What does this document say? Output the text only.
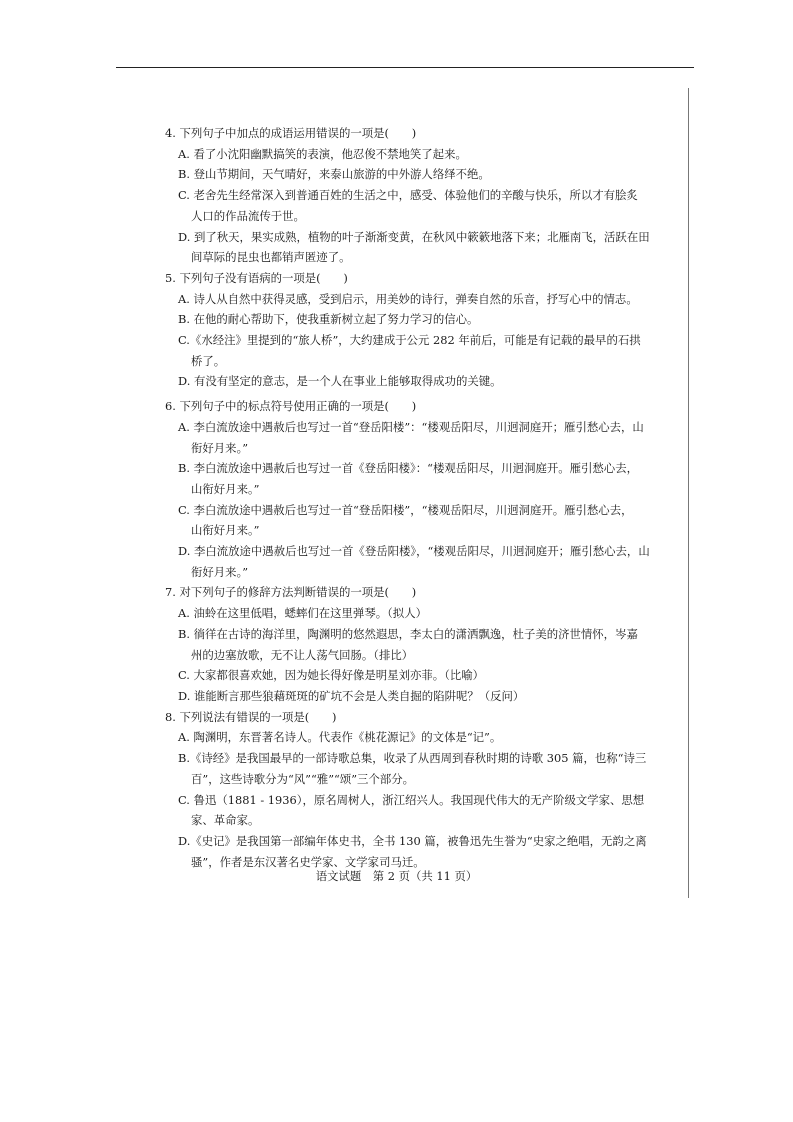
4. 下列句子中加点的成语运用错误的一项是(　　)

A. 看了小沈阳幽默搞笑的表演，他忍俊不禁地笑了起来。
B. 登山节期间，天气晴好，来泰山旅游的中外游人络绎不绝。
C. 老舍先生经常深入到普通百姓的生活之中，感受、体验他们的辛酸与快乐，所以才有脍炙
人口的作品流传于世。
D. 到了秋天，果实成熟，植物的叶子渐渐变黄，在秋风中簌簌地落下来；北雁南飞，活跃在田
间草际的昆虫也都销声匿迹了。

5. 下列句子没有语病的一项是(　　)

A. 诗人从自然中获得灵感，受到启示，用美妙的诗行，弹奏自然的乐音，抒写心中的情志。
B. 在他的耐心帮助下，使我重新树立起了努力学习的信心。
C.《水经注》里提到的“旅人桥”，大约建成于公元 282 年前后，可能是有记载的最早的石拱
桥了。
D. 有没有坚定的意志，是一个人在事业上能够取得成功的关键。

6. 下列句子中的标点符号使用正确的一项是(　　)

A. 李白流放途中遇赦后也写过一首“登岳阳楼”：“楼观岳阳尽，川迥洞庭开；雁引愁心去，山
衔好月来。”
B. 李白流放途中遇赦后也写过一首《登岳阳楼》：“楼观岳阳尽，川迥洞庭开。雁引愁心去，
山衔好月来。”
C. 李白流放途中遇赦后也写过一首“登岳阳楼”，“楼观岳阳尽，川迥洞庭开。雁引愁心去，
山衔好月来。”
D. 李白流放途中遇赦后也写过一首《登岳阳楼》，“楼观岳阳尽，川迥洞庭开；雁引愁心去，山
衔好月来。”

7. 对下列句子的修辞方法判断错误的一项是(　　)

A. 油蛉在这里低唱，蟋蟀们在这里弹琴。（拟人）
B. 徜徉在古诗的海洋里，陶渊明的悠然遐思，李太白的潇洒飘逸，杜子美的济世情怀，岑嘉
州的边塞放歌，无不让人荡气回肠。（排比）
C. 大家都很喜欢她，因为她长得好像是明星刘亦菲。（比喻）
D. 谁能断言那些狼藉斑斑的矿坑不会是人类自掘的陷阱呢？（反问）

8. 下列说法有错误的一项是(　　)

A. 陶渊明，东晋著名诗人。代表作《桃花源记》的文体是“记”。
B.《诗经》是我国最早的一部诗歌总集，收录了从西周到春秋时期的诗歌 305 篇，也称“诗三
百”，这些诗歌分为“风”“雅”“颂”三个部分。
C. 鲁迅（1881 - 1936），原名周树人，浙江绍兴人。我国现代伟大的无产阶级文学家、思想
家、革命家。
D.《史记》是我国第一部编年体史书，全书 130 篇，被鲁迅先生誉为“史家之绝唱，无韵之离
骚”，作者是东汉著名史学家、文学家司马迁。
语文试题　第 2 页（共 11 页）
